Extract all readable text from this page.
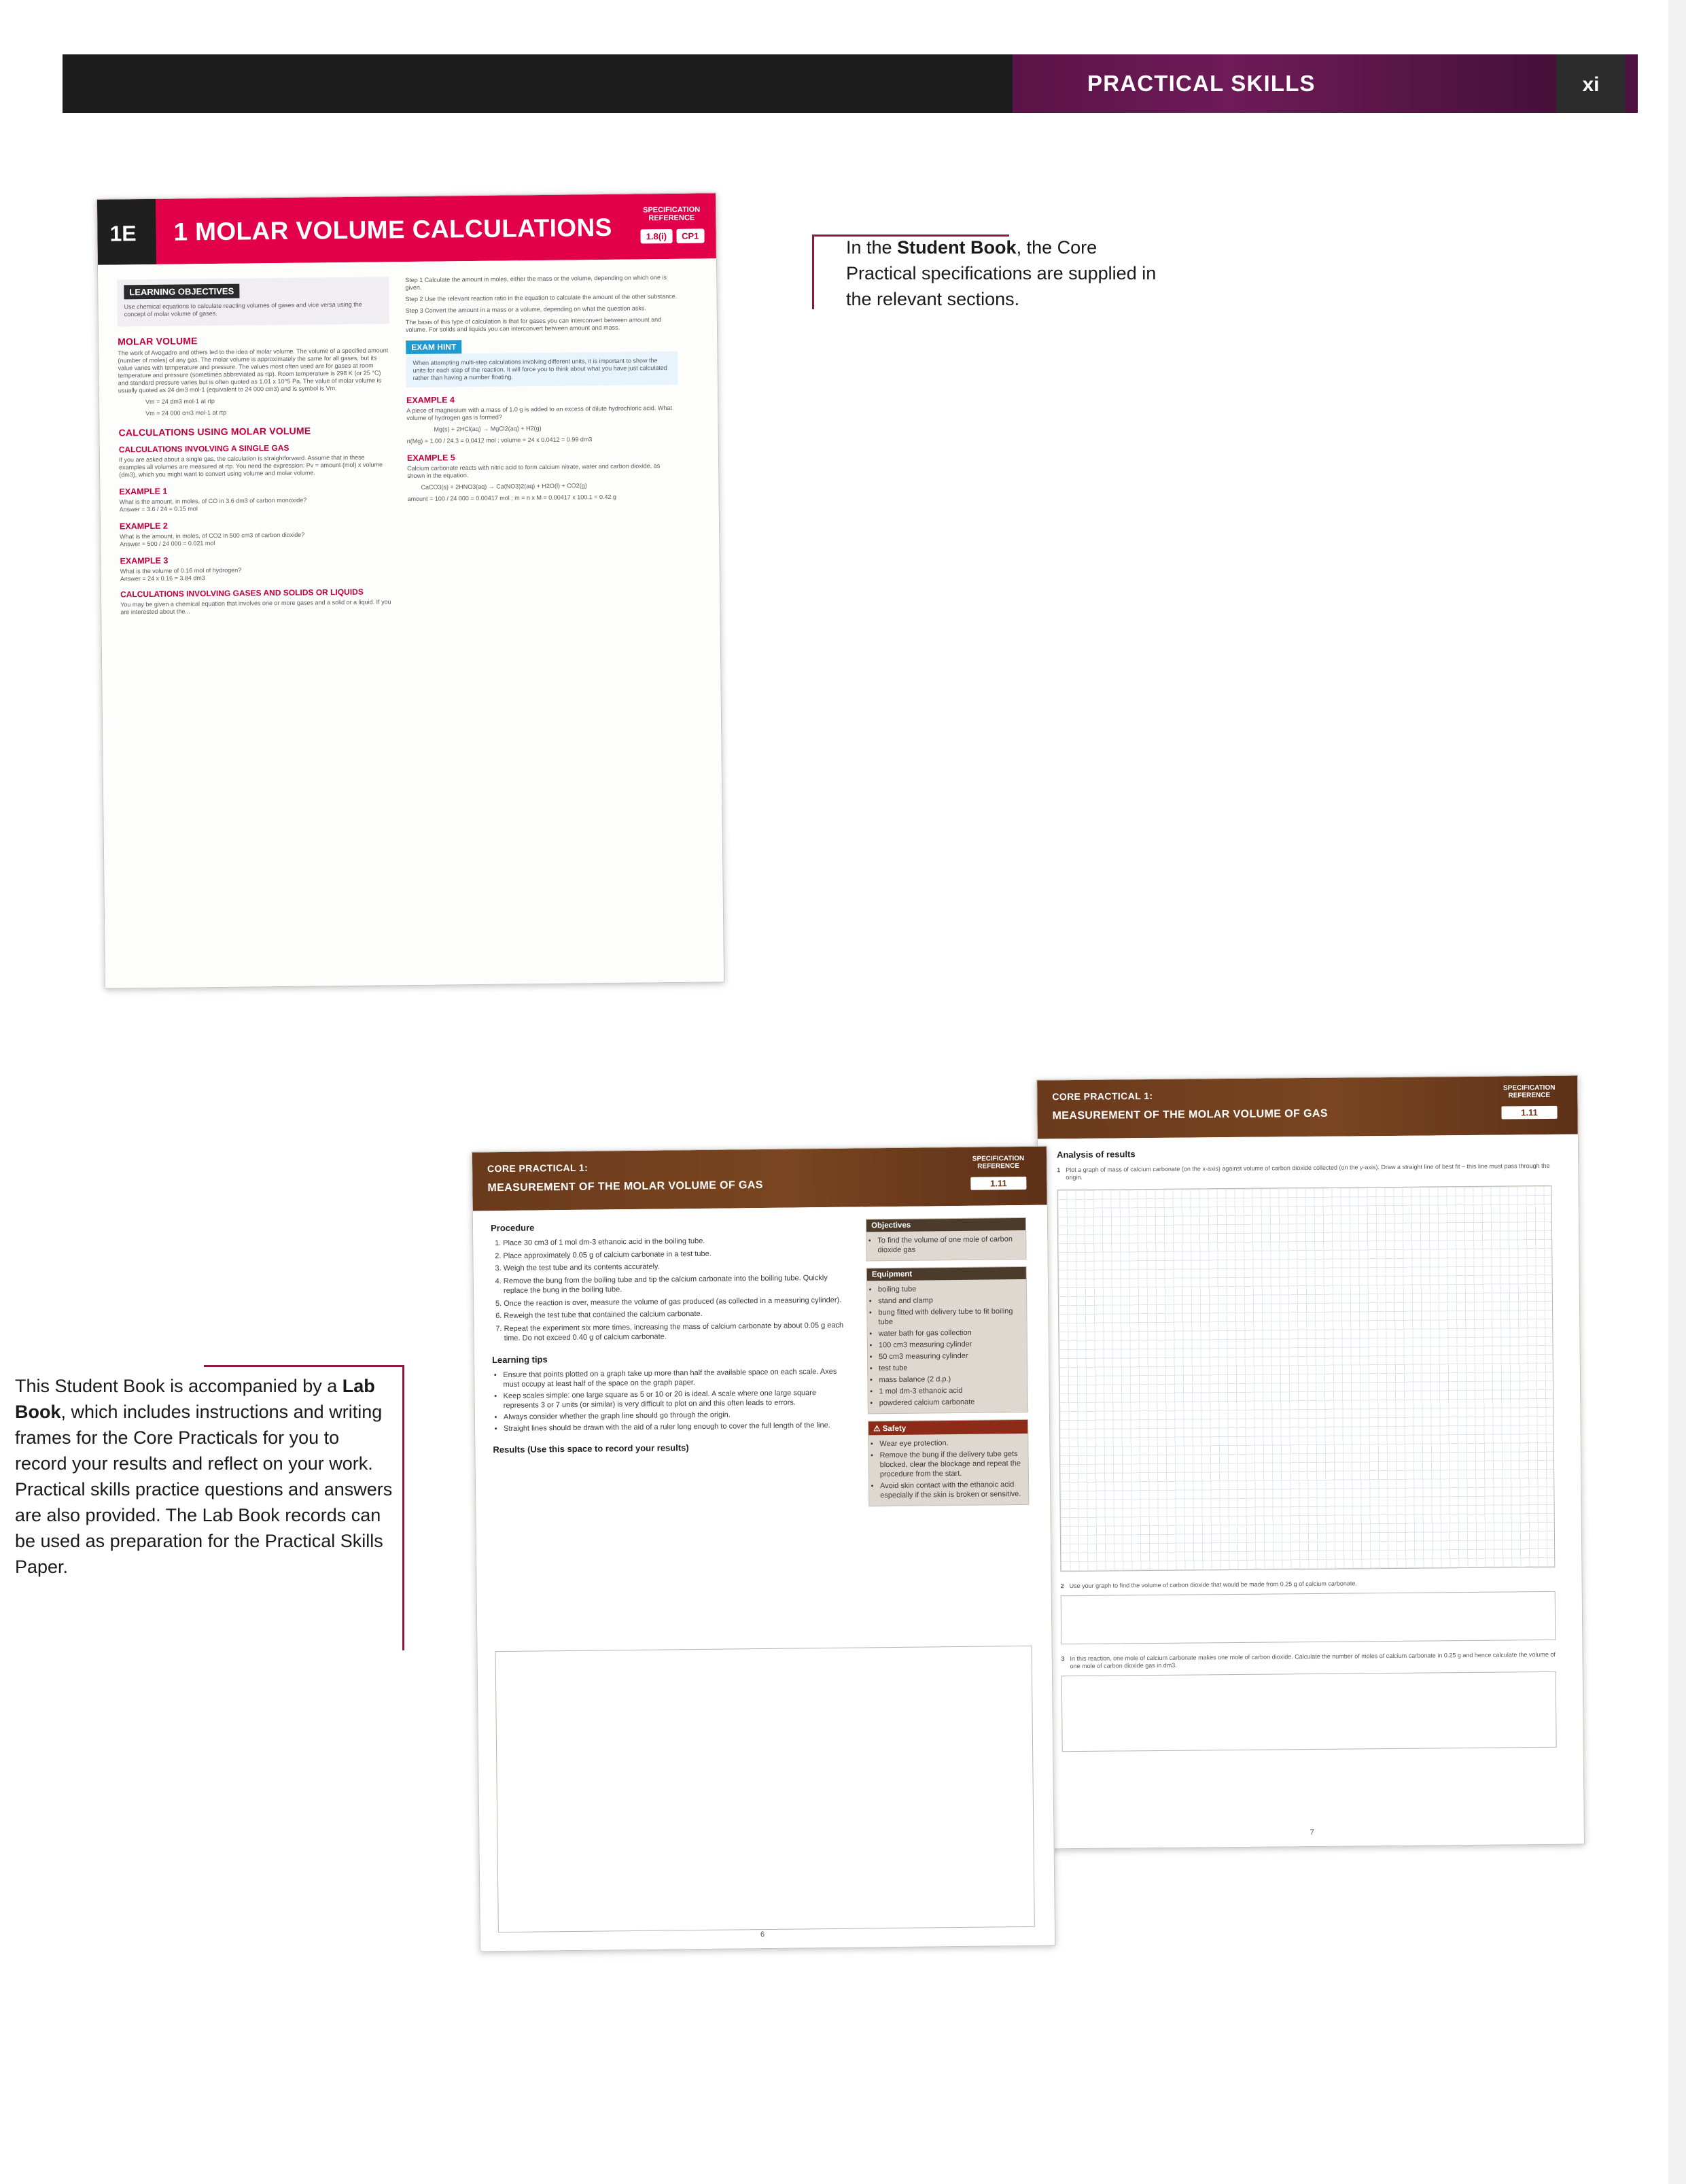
PRACTICAL SKILLS	xi
1E 1 MOLAR VOLUME CALCULATIONS
SPECIFICATION REFERENCE
1.8(i)	CP1
LEARNING OBJECTIVES
Use chemical equations to calculate reacting volumes of gases and vice versa using the concept of molar volume of gases.
MOLAR VOLUME
The work of Avogadro and others led to the idea of molar volume. The volume of a specified amount (number of moles) of any gas. The molar volume is approximately the same for all gases, but its value varies with temperature and pressure. The values most often used are for gases at room temperature and pressure (sometimes abbreviated as rtp). Room temperature is 298 K (or 25 °C) and standard pressure varies but is often quoted as 1.01 x 10^5 Pa. The value of molar volume is usually quoted as 24 dm3 mol-1 (equivalent to 24 000 cm3) and is symbol is Vm.
Vm = 24 dm3 mol-1 at rtp
Vm = 24 000 cm3 mol-1 at rtp
CALCULATIONS USING MOLAR VOLUME
CALCULATIONS INVOLVING A SINGLE GAS
If you are asked about a single gas, the calculation is straightforward. Assume that in these examples all volumes are measured at rtp. You need the expression: Pv = amount (mol) x volume (dm3), which you might want to convert using volume and molar volume.
EXAMPLE 1
What is the amount, in moles, of CO in 3.6 dm3 of carbon monoxide?
Answer = 3.6 / 24 = 0.15 mol
EXAMPLE 2
What is the amount, in moles, of CO2 in 500 cm3 of carbon dioxide?
Answer = 500 / 24 000 = 0.021 mol
EXAMPLE 3
What is the volume of 0.16 mol of hydrogen?
Answer = 24 x 0.16 = 3.84 dm3
CALCULATIONS INVOLVING GASES AND SOLIDS OR LIQUIDS
You may be given a chemical equation that involves one or more gases and a solid or a liquid. If you are interested about the...
Step 1 Calculate the amount in moles, either the mass or the volume, depending on which one is given.
Step 2 Use the relevant reaction ratio in the equation to calculate the amount of the other substance.
Step 3 Convert the amount in a mass or a volume, depending on what the question asks.
The basis of this type of calculation is that for gases you can interconvert between amount and volume. For solids and liquids you can interconvert between amount and mass.
EXAM HINT
When attempting multi-step calculations involving different units, it is important to show the units for each step of the reaction. It will force you to think about what you have just calculated rather than having a number floating.
EXAMPLE 4
A piece of magnesium with a mass of 1.0 g is added to an excess of dilute hydrochloric acid. What volume of hydrogen gas is formed?
Mg(s) + 2HCl(aq) → MgCl2(aq) + H2(g)
n(Mg) = 1.00 / 24.3 = 0.0412 mol ; volume = 24 x 0.0412 = 0.99 dm3
EXAMPLE 5
Calcium carbonate reacts with nitric acid to form calcium nitrate, water and carbon dioxide, as shown in the equation.
CaCO3(s) + 2HNO3(aq) → Ca(NO3)2(aq) + H2O(l) + CO2(g)
amount = 100 / 24 000 = 0.00417 mol ; m = n x M = 0.00417 x 100.1 = 0.42 g
In the Student Book, the Core Practical specifications are supplied in the relevant sections.
This Student Book is accompanied by a Lab Book, which includes instructions and writing frames for the Core Practicals for you to record your results and reflect on your work. Practical skills practice questions and answers are also provided. The Lab Book records can be used as preparation for the Practical Skills Paper.
CORE PRACTICAL 1:
MEASUREMENT OF THE MOLAR VOLUME OF GAS
SPECIFICATION REFERENCE
1.11
Analysis of results
1 Plot a graph of mass of calcium carbonate (on the x-axis) against volume of carbon dioxide collected (on the y-axis). Draw a straight line of best fit – this line must pass through the origin.
2 Use your graph to find the volume of carbon dioxide that would be made from 0.25 g of calcium carbonate.
3 In this reaction, one mole of calcium carbonate makes one mole of carbon dioxide. Calculate the number of moles of calcium carbonate in 0.25 g and hence calculate the volume of one mole of carbon dioxide gas in dm3.
7
CORE PRACTICAL 1:
MEASUREMENT OF THE MOLAR VOLUME OF GAS
SPECIFICATION REFERENCE
1.11
Procedure
1. Place 30 cm3 of 1 mol dm-3 ethanoic acid in the boiling tube.
2. Place approximately 0.05 g of calcium carbonate in a test tube.
3. Weigh the test tube and its contents accurately.
4. Remove the bung from the boiling tube and tip the calcium carbonate into the boiling tube. Quickly replace the bung in the boiling tube.
5. Once the reaction is over, measure the volume of gas produced (as collected in a measuring cylinder).
6. Reweigh the test tube that contained the calcium carbonate.
7. Repeat the experiment six more times, increasing the mass of calcium carbonate by about 0.05 g each time. Do not exceed 0.40 g of calcium carbonate.
Learning tips
• Ensure that points plotted on a graph take up more than half the available space on each scale. Axes must occupy at least half of the space on the graph paper.
• Keep scales simple: one large square as 5 or 10 or 20 is ideal. A scale where one large square represents 3 or 7 units (or similar) is very difficult to plot on and this often leads to errors.
• Always consider whether the graph line should go through the origin.
• Straight lines should be drawn with the aid of a ruler long enough to cover the full length of the line.
Results (Use this space to record your results)
Objectives
• To find the volume of one mole of carbon dioxide gas
Equipment
• boiling tube
• stand and clamp
• bung fitted with delivery tube to fit boiling tube
• water bath for gas collection
• 100 cm3 measuring cylinder
• 50 cm3 measuring cylinder
• test tube
• mass balance (2 d.p.)
• 1 mol dm-3 ethanoic acid
• powdered calcium carbonate
⚠ Safety
• Wear eye protection.
• Remove the bung if the delivery tube gets blocked, clear the blockage and repeat the procedure from the start.
• Avoid skin contact with the ethanoic acid especially if the skin is broken or sensitive.
6
